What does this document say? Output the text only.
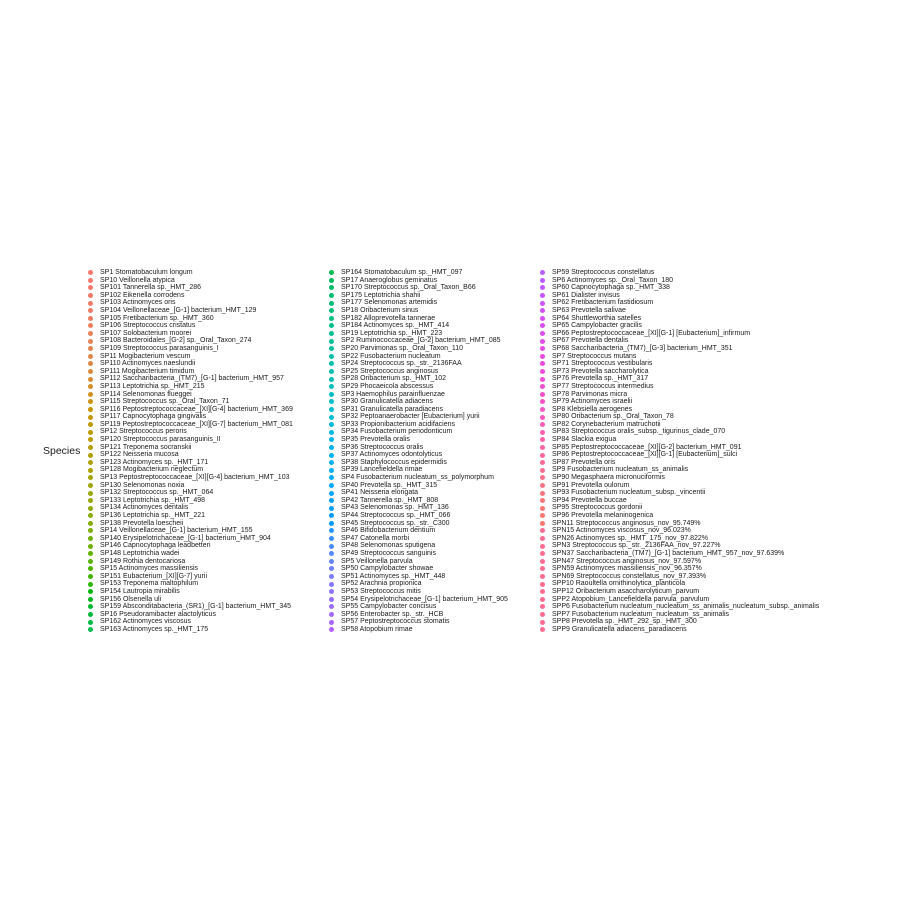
Species
SP1 Stomatobaculum longum
SP10 Veillonella atypica
SP101 Tannerella sp._HMT_286
SP102 Eikenella corrodens
SP103 Actinomyces oris
SP104 Veillonellaceae_[G-1] bacterium_HMT_129
SP105 Fretibacterium sp._HMT_360
SP106 Streptococcus cristatus
SP107 Solobacterium moorei
SP108 Bacteroidales_[G-2] sp._Oral_Taxon_274
SP109 Streptococcus parasanguinis_I
SP11 Mogibacterium vescum
SP110 Actinomyces naeslundii
SP111 Mogibacterium timidum
SP112 Saccharibacteria_(TM7)_[G-1] bacterium_HMT_957
SP113 Leptotrichia sp._HMT_215
SP114 Selenomonas flueggei
SP115 Streptococcus sp._Oral_Taxon_71
SP116 Peptostreptococcaceae_[XI][G-4] bacterium_HMT_369
SP117 Capnocytophaga gingivalis
SP119 Peptostreptococcaceae_[XI][G-7] bacterium_HMT_081
SP12 Streptococcus peroris
SP120 Streptococcus parasanguinis_II
SP121 Treponema socranskii
SP122 Neisseria mucosa
SP123 Actinomyces sp._HMT_171
SP128 Mogibacterium neglectum
SP13 Peptostreptococcaceae_[XI][G-4] bacterium_HMT_103
SP130 Selenomonas noxia
SP132 Streptococcus sp._HMT_064
SP133 Leptotrichia sp._HMT_498
SP134 Actinomyces dentalis
SP136 Leptotrichia sp._HMT_221
SP138 Prevotella loescheii
SP14 Veillonellaceae_[G-1] bacterium_HMT_155
SP140 Erysipelotrichaceae_[G-1] bacterium_HMT_904
SP146 Capnocytophaga leadbetteri
SP148 Leptotrichia wadei
SP149 Rothia dentocariosa
SP15 Actinomyces massiliensis
SP151 Eubacterium_[XI][G-7] yurii
SP153 Treponema maltophilum
SP154 Lautropia mirabilis
SP156 Olsenella uli
SP159 Absconditabacteria_(SR1)_[G-1] bacterium_HMT_345
SP16 Pseudoramibacter alactolyticus
SP162 Actinomyces viscosus
SP163 Actinomyces sp._HMT_175
SP164 Stomatobaculum sp._HMT_097
SP17 Anaeroglobus geminatus
SP170 Streptococcus sp._Oral_Taxon_B66
SP175 Leptotrichia shahii
SP177 Selenomonas artemidis
SP18 Oribacterium sinus
SP182 Alloprevotella tannerae
SP184 Actinomyces sp._HMT_414
SP19 Leptotrichia sp._HMT_223
SP2 Ruminococcaceae_[G-2] bacterium_HMT_085
SP20 Parvimonas sp._Oral_Taxon_110
SP22 Fusobacterium nucleatum
SP24 Streptococcus sp._str._2136FAA
SP25 Streptococcus anginosus
SP28 Oribacterium sp._HMT_102
SP29 Phocaeicola abscessus
SP3 Haemophilus parainfluenzae
SP30 Granulicatella adiacens
SP31 Granulicatella paradiacens
SP32 Peptoanaerobacter [Eubacterium] yurii
SP33 Propionibacterium acidifaciens
SP34 Fusobacterium periodonticum
SP35 Prevotella oralis
SP36 Streptococcus oralis
SP37 Actinomyces odontolyticus
SP38 Staphylococcus epidermidis
SP39 Lancefieldella rimae
SP4 Fusobacterium nucleatum_ss_polymorphum
SP40 Prevotella sp._HMT_315
SP41 Neisseria elongata
SP42 Tannerella sp._HMT_808
SP43 Selenomonas sp._HMT_136
SP44 Streptococcus sp._HMT_066
SP45 Streptococcus sp._str._C300
SP46 Bifidobacterium dentium
SP47 Catonella morbi
SP48 Selenomonas sputigena
SP49 Streptococcus sanguinis
SP5 Veillonella parvula
SP50 Campylobacter showae
SP51 Actinomyces sp._HMT_448
SP52 Arachnia propionica
SP53 Streptococcus mitis
SP54 Erysipelotrichaceae_[G-1] bacterium_HMT_905
SP55 Campylobacter concisus
SP56 Enterobacter sp._str._HCB
SP57 Peptostreptococcus stomatis
SP58 Atopobium rimae
SP59 Streptococcus constellatus
SP6 Actinomyces sp._Oral_Taxon_180
SP60 Capnocytophaga sp._HMT_338
SP61 Dialister invisus
SP62 Fretibacterium fastidiosum
SP63 Prevotella salivae
SP64 Shuttleworthia satelles
SP65 Campylobacter gracilis
SP66 Peptostreptococcaceae_[XI][G-1] [Eubacterium]_infirmum
SP67 Prevotella dentalis
SP68 Saccharibacteria_(TM7)_[G-3] bacterium_HMT_351
SP7 Streptococcus mutans
SP71 Streptococcus vestibularis
SP73 Prevotella saccharolytica
SP76 Prevotella sp._HMT_317
SP77 Streptococcus intermedius
SP78 Parvimonas micra
SP79 Actinomyces israelii
SP8 Klebsiella aerogenes
SP80 Oribacterium sp._Oral_Taxon_78
SP82 Corynebacterium matruchotii
SP83 Streptococcus oralis_subsp._tigurinus_clade_070
SP84 Slackia exigua
SP85 Peptostreptococcaceae_[XI][G-2] bacterium_HMT_091
SP86 Peptostreptococcaceae_[XI][G-1] [Eubacterium]_sulci
SP87 Prevotella oris
SP9 Fusobacterium nucleatum_ss_animalis
SP90 Megasphaera micronuciformis
SP91 Prevotella oulorum
SP93 Fusobacterium nucleatum_subsp._vincentii
SP94 Prevotella buccae
SP95 Streptococcus gordonii
SP96 Prevotella melaninogenica
SPN11 Streptococcus anginosus_nov_95.749%
SPN15 Actinomyces viscosus_nov_96.023%
SPN26 Actinomyces sp._HMT_175_nov_97.822%
SPN3 Streptococcus sp._str._2136FAA_nov_97.227%
SPN37 Saccharibacteria_(TM7)_[G-1] bacterium_HMT_957_nov_97.639%
SPN47 Streptococcus anginosus_nov_97.597%
SPN59 Actinomyces massiliensis_nov_96.357%
SPN69 Streptococcus constellatus_nov_97.393%
SPP10 Raoultella ornithinolytica_planticola
SPP12 Oribacterium asaccharolyticum_parvum
SPP2 Atopobium_Lancefieldella parvula_parvulum
SPP6 Fusobacterium nucleatum_nucleatum_ss_animalis_nucleatum_subsp._animalis
SPP7 Fusobacterium nucleatum_nucleatum_ss_animalis
SPP8 Prevotella sp._HMT_292_sp._HMT_300
SPP9 Granulicatella adiacens_paradiacens
